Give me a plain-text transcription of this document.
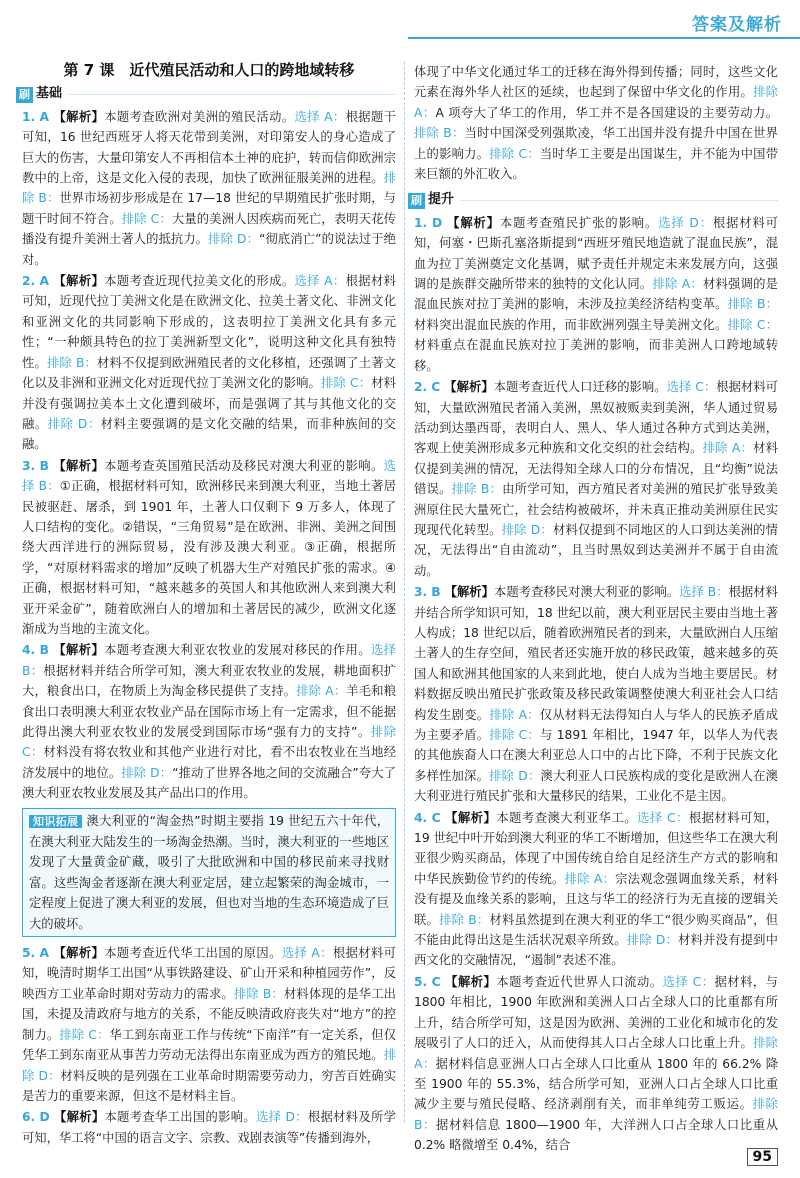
答案及解析
第 7 课　近代殖民活动和人口的跨地域转移
刷 基础
1. A 【解析】本题考查欧洲对美洲的殖民活动。选择 A：根据题干可知，16 世纪西班牙人将天花带到美洲，对印第安人的身心造成了巨大的伤害，大量印第安人不再相信本土神的庇护，转而信仰欧洲宗教中的上帝，这是文化入侵的表现，加快了欧洲征服美洲的进程。排除 B：世界市场初步形成是在 17—18 世纪的早期殖民扩张时期，与题干时间不符合。排除 C：大量的美洲人因疾病而死亡，表明天花传播没有提升美洲土著人的抵抗力。排除 D：“彻底消亡”的说法过于绝对。
2. A 【解析】本题考查近现代拉美文化的形成。选择 A：根据材料可知，近现代拉丁美洲文化是在欧洲文化、拉美土著文化、非洲文化和亚洲文化的共同影响下形成的，这表明拉丁美洲文化具有多元性；“一种颇具特色的拉丁美洲新型文化”，说明这种文化具有独特性。排除 B：材料不仅提到欧洲殖民者的文化移植，还强调了土著文化以及非洲和亚洲文化对近现代拉丁美洲文化的影响。排除 C：材料并没有强调拉美本土文化遭到破坏，而是强调了其与其他文化的交融。排除 D：材料主要强调的是文化交融的结果，而非种族间的交融。
3. B 【解析】本题考查英国殖民活动及移民对澳大利亚的影响。选择 B：①正确，根据材料可知，欧洲移民来到澳大利亚，当地土著居民被驱赶、屠杀，到 1901 年，土著人口仅剩下 9 万多人，体现了人口结构的变化。②错误，“三角贸易”是在欧洲、非洲、美洲之间围绕大西洋进行的洲际贸易，没有涉及澳大利亚。③正确，根据所学，“对原材料需求的增加”反映了机器大生产对殖民扩张的需求。④正确，根据材料可知，“越来越多的英国人和其他欧洲人来到澳大利亚开采金矿”，随着欧洲白人的增加和土著居民的减少，欧洲文化逐渐成为当地的主流文化。
4. B 【解析】本题考查澳大利亚农牧业的发展对移民的作用。选择 B：根据材料并结合所学可知，澳大利亚农牧业的发展，耕地面积扩大，粮食出口，在物质上为淘金移民提供了支持。排除 A：羊毛和粮食出口表明澳大利亚农牧业产品在国际市场上有一定需求，但不能据此得出澳大利亚农牧业的发展受到国际市场“强有力的支持”。排除 C：材料没有将农牧业和其他产业进行对比，看不出农牧业在当地经济发展中的地位。排除 D：“推动了世界各地之间的交流融合”夸大了澳大利亚农牧业发展及其产品出口的作用。
知识拓展 澳大利亚的“淘金热”时期主要指 19 世纪五六十年代，在澳大利亚大陆发生的一场淘金热潮。当时，澳大利亚的一些地区发现了大量黄金矿藏，吸引了大批欧洲和中国的移民前来寻找财富。这些淘金者逐渐在澳大利亚定居，建立起繁荣的淘金城市，一定程度上促进了澳大利亚的发展，但也对当地的生态环境造成了巨大的破坏。
5. A 【解析】本题考查近代华工出国的原因。选择 A：根据材料可知，晚清时期华工出国“从事铁路建设、矿山开采和种植园劳作”，反映西方工业革命时期对劳动力的需求。排除 B：材料体现的是华工出国，未提及清政府与地方的关系，不能反映清政府丧失对“地方”的控制力。排除 C：华工到东南亚工作与传统“下南洋”有一定关系，但仅凭华工到东南亚从事苦力劳动无法得出东南亚成为西方的殖民地。排除 D：材料反映的是列强在工业革命时期需要劳动力，穷苦百姓确实是苦力的重要来源，但这不是材料主旨。
6. D 【解析】本题考查华工出国的影响。选择 D：根据材料及所学可知，华工将“中国的语言文字、宗教、戏剧表演等”传播到海外，
体现了中华文化通过华工的迁移在海外得到传播；同时，这些文化元素在海外华人社区的延续，也起到了保留中华文化的作用。排除 A：A 项夸大了华工的作用，华工并不是各国建设的主要劳动力。排除 B：当时中国深受列强欺凌，华工出国并没有提升中国在世界上的影响力。排除 C：当时华工主要是出国谋生，并不能为中国带来巨额的外汇收入。
刷 提升
1. D 【解析】本题考查殖民扩张的影响。选择 D：根据材料可知，何塞・巴斯孔塞洛斯提到“西班牙殖民地造就了混血民族”，混血为拉丁美洲奠定文化基调，赋予责任并规定未来发展方向，这强调的是族群交融所带来的独特的文化认同。排除 A：材料强调的是混血民族对拉丁美洲的影响，未涉及拉美经济结构变革。排除 B：材料突出混血民族的作用，而非欧洲列强主导美洲文化。排除 C：材料重点在混血民族对拉丁美洲的影响，而非美洲人口跨地域转移。
2. C 【解析】本题考查近代人口迁移的影响。选择 C：根据材料可知，大量欧洲殖民者涌入美洲，黑奴被贩卖到美洲，华人通过贸易活动到达墨西哥，表明白人、黑人、华人通过各种方式到达美洲，客观上使美洲形成多元种族和文化交织的社会结构。排除 A：材料仅提到美洲的情况，无法得知全球人口的分布情况，且“均衡”说法错误。排除 B：由所学可知，西方殖民者对美洲的殖民扩张导致美洲原住民大量死亡，社会结构被破坏，并未真正推动美洲原住民实现现代化转型。排除 D：材料仅提到不同地区的人口到达美洲的情况，无法得出“自由流动”，且当时黑奴到达美洲并不属于自由流动。
3. B 【解析】本题考查移民对澳大利亚的影响。选择 B：根据材料并结合所学知识可知，18 世纪以前，澳大利亚居民主要由当地土著人构成；18 世纪以后，随着欧洲殖民者的到来，大量欧洲白人压缩土著人的生存空间，殖民者还实施开放的移民政策，越来越多的英国人和欧洲其他国家的人来到此地，使白人成为当地主要居民。材料数据反映出殖民扩张政策及移民政策调整使澳大利亚社会人口结构发生剧变。排除 A：仅从材料无法得知白人与华人的民族矛盾成为主要矛盾。排除 C：与 1891 年相比，1947 年，以华人为代表的其他族裔人口在澳大利亚总人口中的占比下降，不利于民族文化多样性加深。排除 D：澳大利亚人口民族构成的变化是欧洲人在澳大利亚进行殖民扩张和大量移民的结果，工业化不是主因。
4. C 【解析】本题考查澳大利亚华工。选择 C：根据材料可知，19 世纪中叶开始到澳大利亚的华工不断增加，但这些华工在澳大利亚很少购买商品，体现了中国传统自给自足经济生产方式的影响和中华民族勤俭节约的传统。排除 A：宗法观念强调血缘关系，材料没有提及血缘关系的影响，且这与华工的经济行为无直接的逻辑关联。排除 B：材料虽然提到在澳大利亚的华工“很少购买商品”，但不能由此得出这是生活状况艰辛所致。排除 D：材料并没有提到中西文化的交融情况，“遏制”表述不准。
5. C 【解析】本题考查近代世界人口流动。选择 C：据材料，与 1800 年相比，1900 年欧洲和美洲人口占全球人口的比重都有所上升，结合所学可知，这是因为欧洲、美洲的工业化和城市化的发展吸引了人口的迁入，从而使得其人口占全球人口比重上升。排除 A：据材料信息亚洲人口占全球人口比重从 1800 年的 66.2% 降至 1900 年的 55.3%，结合所学可知，亚洲人口占全球人口比重减少主要与殖民侵略、经济剥削有关，而非单纯劳工贩运。排除 B：据材料信息 1800—1900 年，大洋洲人口占全球人口比重从 0.2% 略微增至 0.4%，结合
95
